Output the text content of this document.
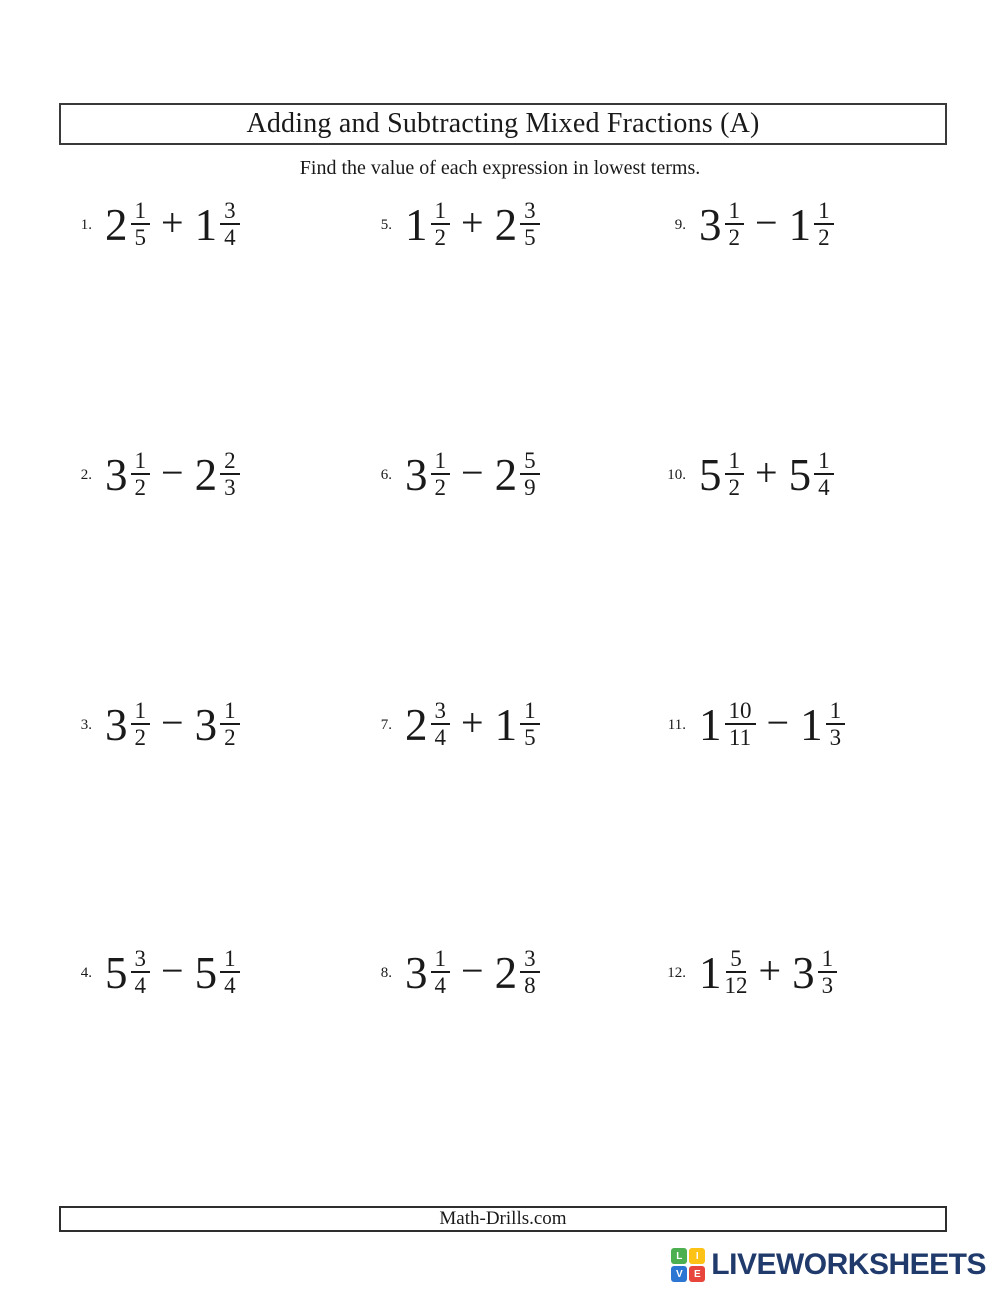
Adding and Subtracting Mixed Fractions (A)
Find the value of each expression in lowest terms.
1. $2 \frac{1}{5} + 1 \frac{3}{4}$
2. $3 \frac{1}{2} - 2 \frac{2}{3}$
3. $3 \frac{1}{2} - 3 \frac{1}{2}$
4. $5 \frac{3}{4} - 5 \frac{1}{4}$
5. $1 \frac{1}{2} + 2 \frac{3}{5}$
6. $3 \frac{1}{2} - 2 \frac{5}{9}$
7. $2 \frac{3}{4} + 1 \frac{1}{5}$
8. $3 \frac{1}{4} - 2 \frac{3}{8}$
9. $3 \frac{1}{2} - 1 \frac{1}{2}$
10. $5 \frac{1}{2} + 5 \frac{1}{4}$
11. $1 \frac{10}{11} - 1 \frac{1}{3}$
12. $1 \frac{5}{12} + 3 \frac{1}{3}$
Math-Drills.com
L	I
V	E LIVEWORKSHEETS
